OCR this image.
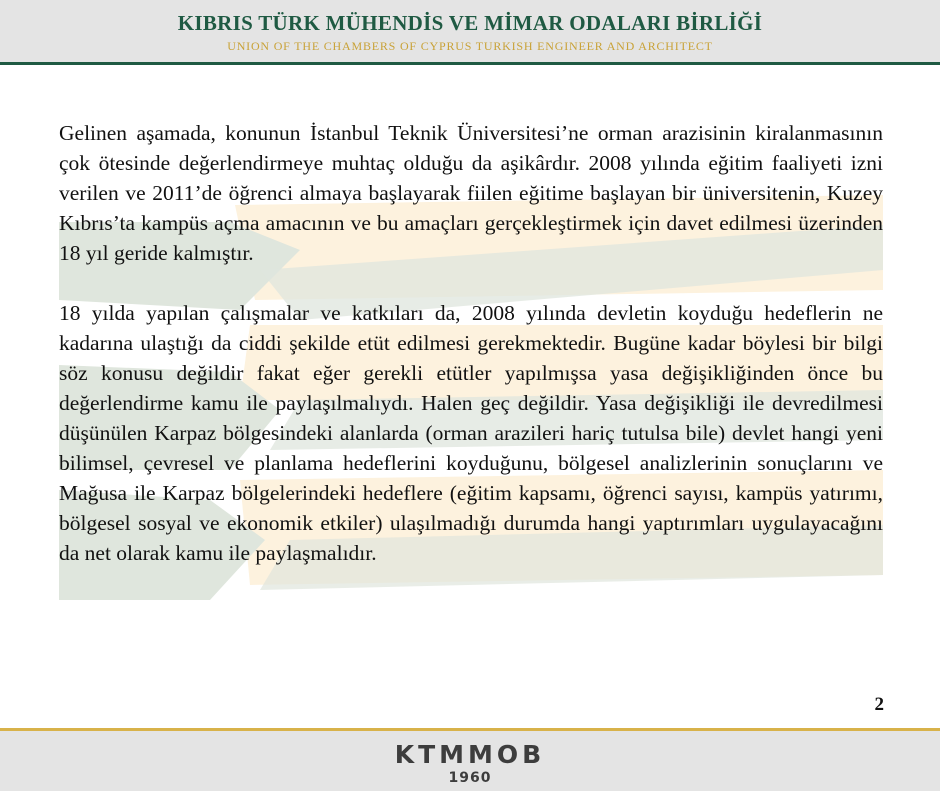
KIBRIS TÜRK MÜHENDİS VE MİMAR ODALARI BİRLİĞİ
UNION OF THE CHAMBERS OF CYPRUS TURKISH ENGINEER AND ARCHITECT

Gelinen aşamada, konunun İstanbul Teknik Üniversitesi’ne orman arazisinin kiralanmasının çok ötesinde değerlendirmeye muhtaç olduğu da aşikârdır. 2008 yılında eğitim faaliyeti izni verilen ve 2011’de öğrenci almaya başlayarak fiilen eğitime başlayan bir üniversitenin, Kuzey Kıbrıs’ta kampüs açma amacının ve bu amaçları gerçekleştirmek için davet edilmesi üzerinden 18 yıl geride kalmıştır.

18 yılda yapılan çalışmalar ve katkıları da, 2008 yılında devletin koyduğu hedeflerin ne kadarına ulaştığı da ciddi şekilde etüt edilmesi gerekmektedir. Bugüne kadar böylesi bir bilgi söz konusu değildir fakat eğer gerekli etütler yapılmışsa yasa değişikliğinden önce bu değerlendirme kamu ile paylaşılmalıydı. Halen geç değildir. Yasa değişikliği ile devredilmesi düşünülen Karpaz bölgesindeki alanlarda (orman arazileri hariç tutulsa bile) devlet hangi yeni bilimsel, çevresel ve planlama hedeflerini koyduğunu, bölgesel analizlerinin sonuçlarını ve Mağusa ile Karpaz bölgelerindeki hedeflere (eğitim kapsamı, öğrenci sayısı, kampüs yatırımı, bölgesel sosyal ve ekonomik etkiler) ulaşılmadığı durumda hangi yaptırımları uygulayacağını da net olarak kamu ile paylaşmalıdır.

2
KTMMOB
1960
